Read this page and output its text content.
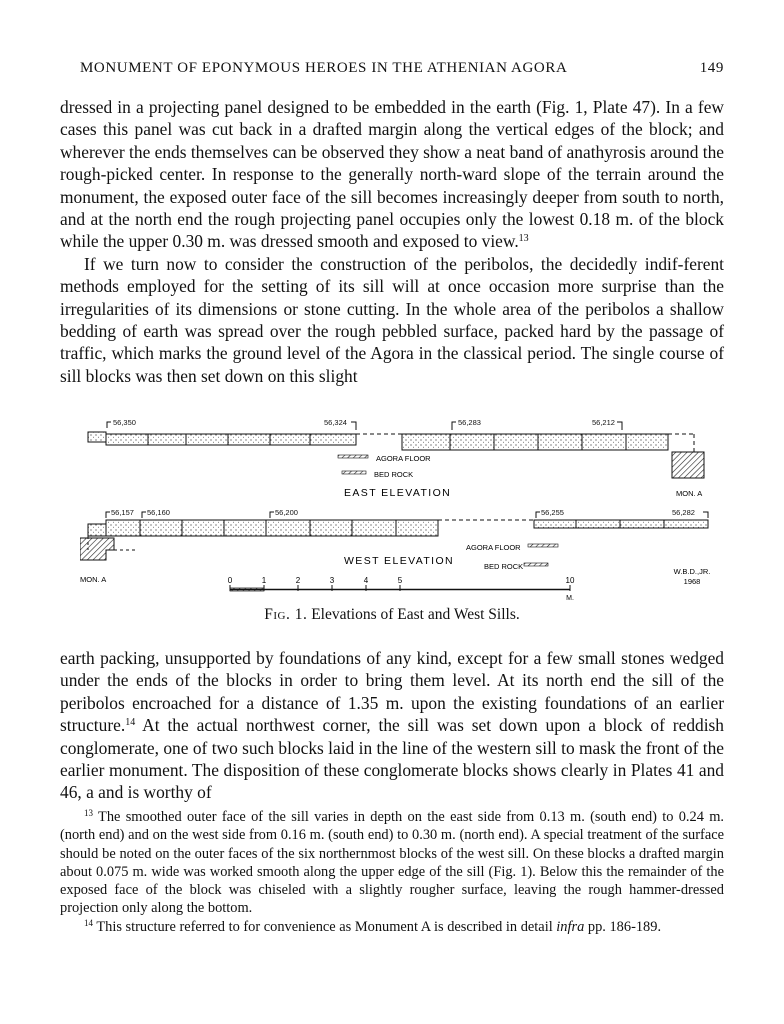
MONUMENT OF EPONYMOUS HEROES IN THE ATHENIAN AGORA	149

dressed in a projecting panel designed to be embedded in the earth (Fig. 1, Plate 47). In a few cases this panel was cut back in a drafted margin along the vertical edges of the block; and wherever the ends themselves can be observed they show a neat band of anathyrosis around the rough-picked center. In response to the generally north-ward slope of the terrain around the monument, the exposed outer face of the sill becomes increasingly deeper from south to north, and at the north end the rough projecting panel occupies only the lowest 0.18 m. of the block while the upper 0.30 m. was dressed smooth and exposed to view.$^{13}$

If we turn now to consider the construction of the peribolos, the decidedly indif-ferent methods employed for the setting of its sill will at once occasion more surprise than the irregularities of its dimensions or stone cutting. In the whole area of the peribolos a shallow bedding of earth was spread over the rough pebbled surface, packed hard by the passage of traffic, which marks the ground level of the Agora in the classical period. The single course of sill blocks was then set down on this slight

56,350	56,324	56,283	56,212
AGORA FLOOR
BED ROCK
EAST ELEVATION	MON. A
56,157 56,160	56,200	56,255	56,282
AGORA FLOOR
BED ROCK
WEST ELEVATION
MON. A	0	1	2	3	4	5	10
M.
W.B.D.,JR.
1968
Fig. 1. Elevations of East and West Sills.

earth packing, unsupported by foundations of any kind, except for a few small stones wedged under the ends of the blocks in order to bring them level. At its north end the sill of the peribolos encroached for a distance of 1.35 m. upon the existing foundations of an earlier structure.$^{14}$ At the actual northwest corner, the sill was set down upon a block of reddish conglomerate, one of two such blocks laid in the line of the western sill to mask the front of the earlier monument. The disposition of these conglomerate blocks shows clearly in Plates 41 and 46, a and is worthy of

$^{13}$ The smoothed outer face of the sill varies in depth on the east side from 0.13 m. (south end) to 0.24 m. (north end) and on the west side from 0.16 m. (south end) to 0.30 m. (north end). A special treatment of the surface should be noted on the outer faces of the six northernmost blocks of the west sill. On these blocks a drafted margin about 0.075 m. wide was worked smooth along the upper edge of the sill (Fig. 1). Below this the remainder of the exposed face of the block was chiseled with a slightly rougher surface, leaving the rough hammer-dressed projection only along the bottom.

$^{14}$ This structure referred to for convenience as Monument A is described in detail infra pp. 186-189.
